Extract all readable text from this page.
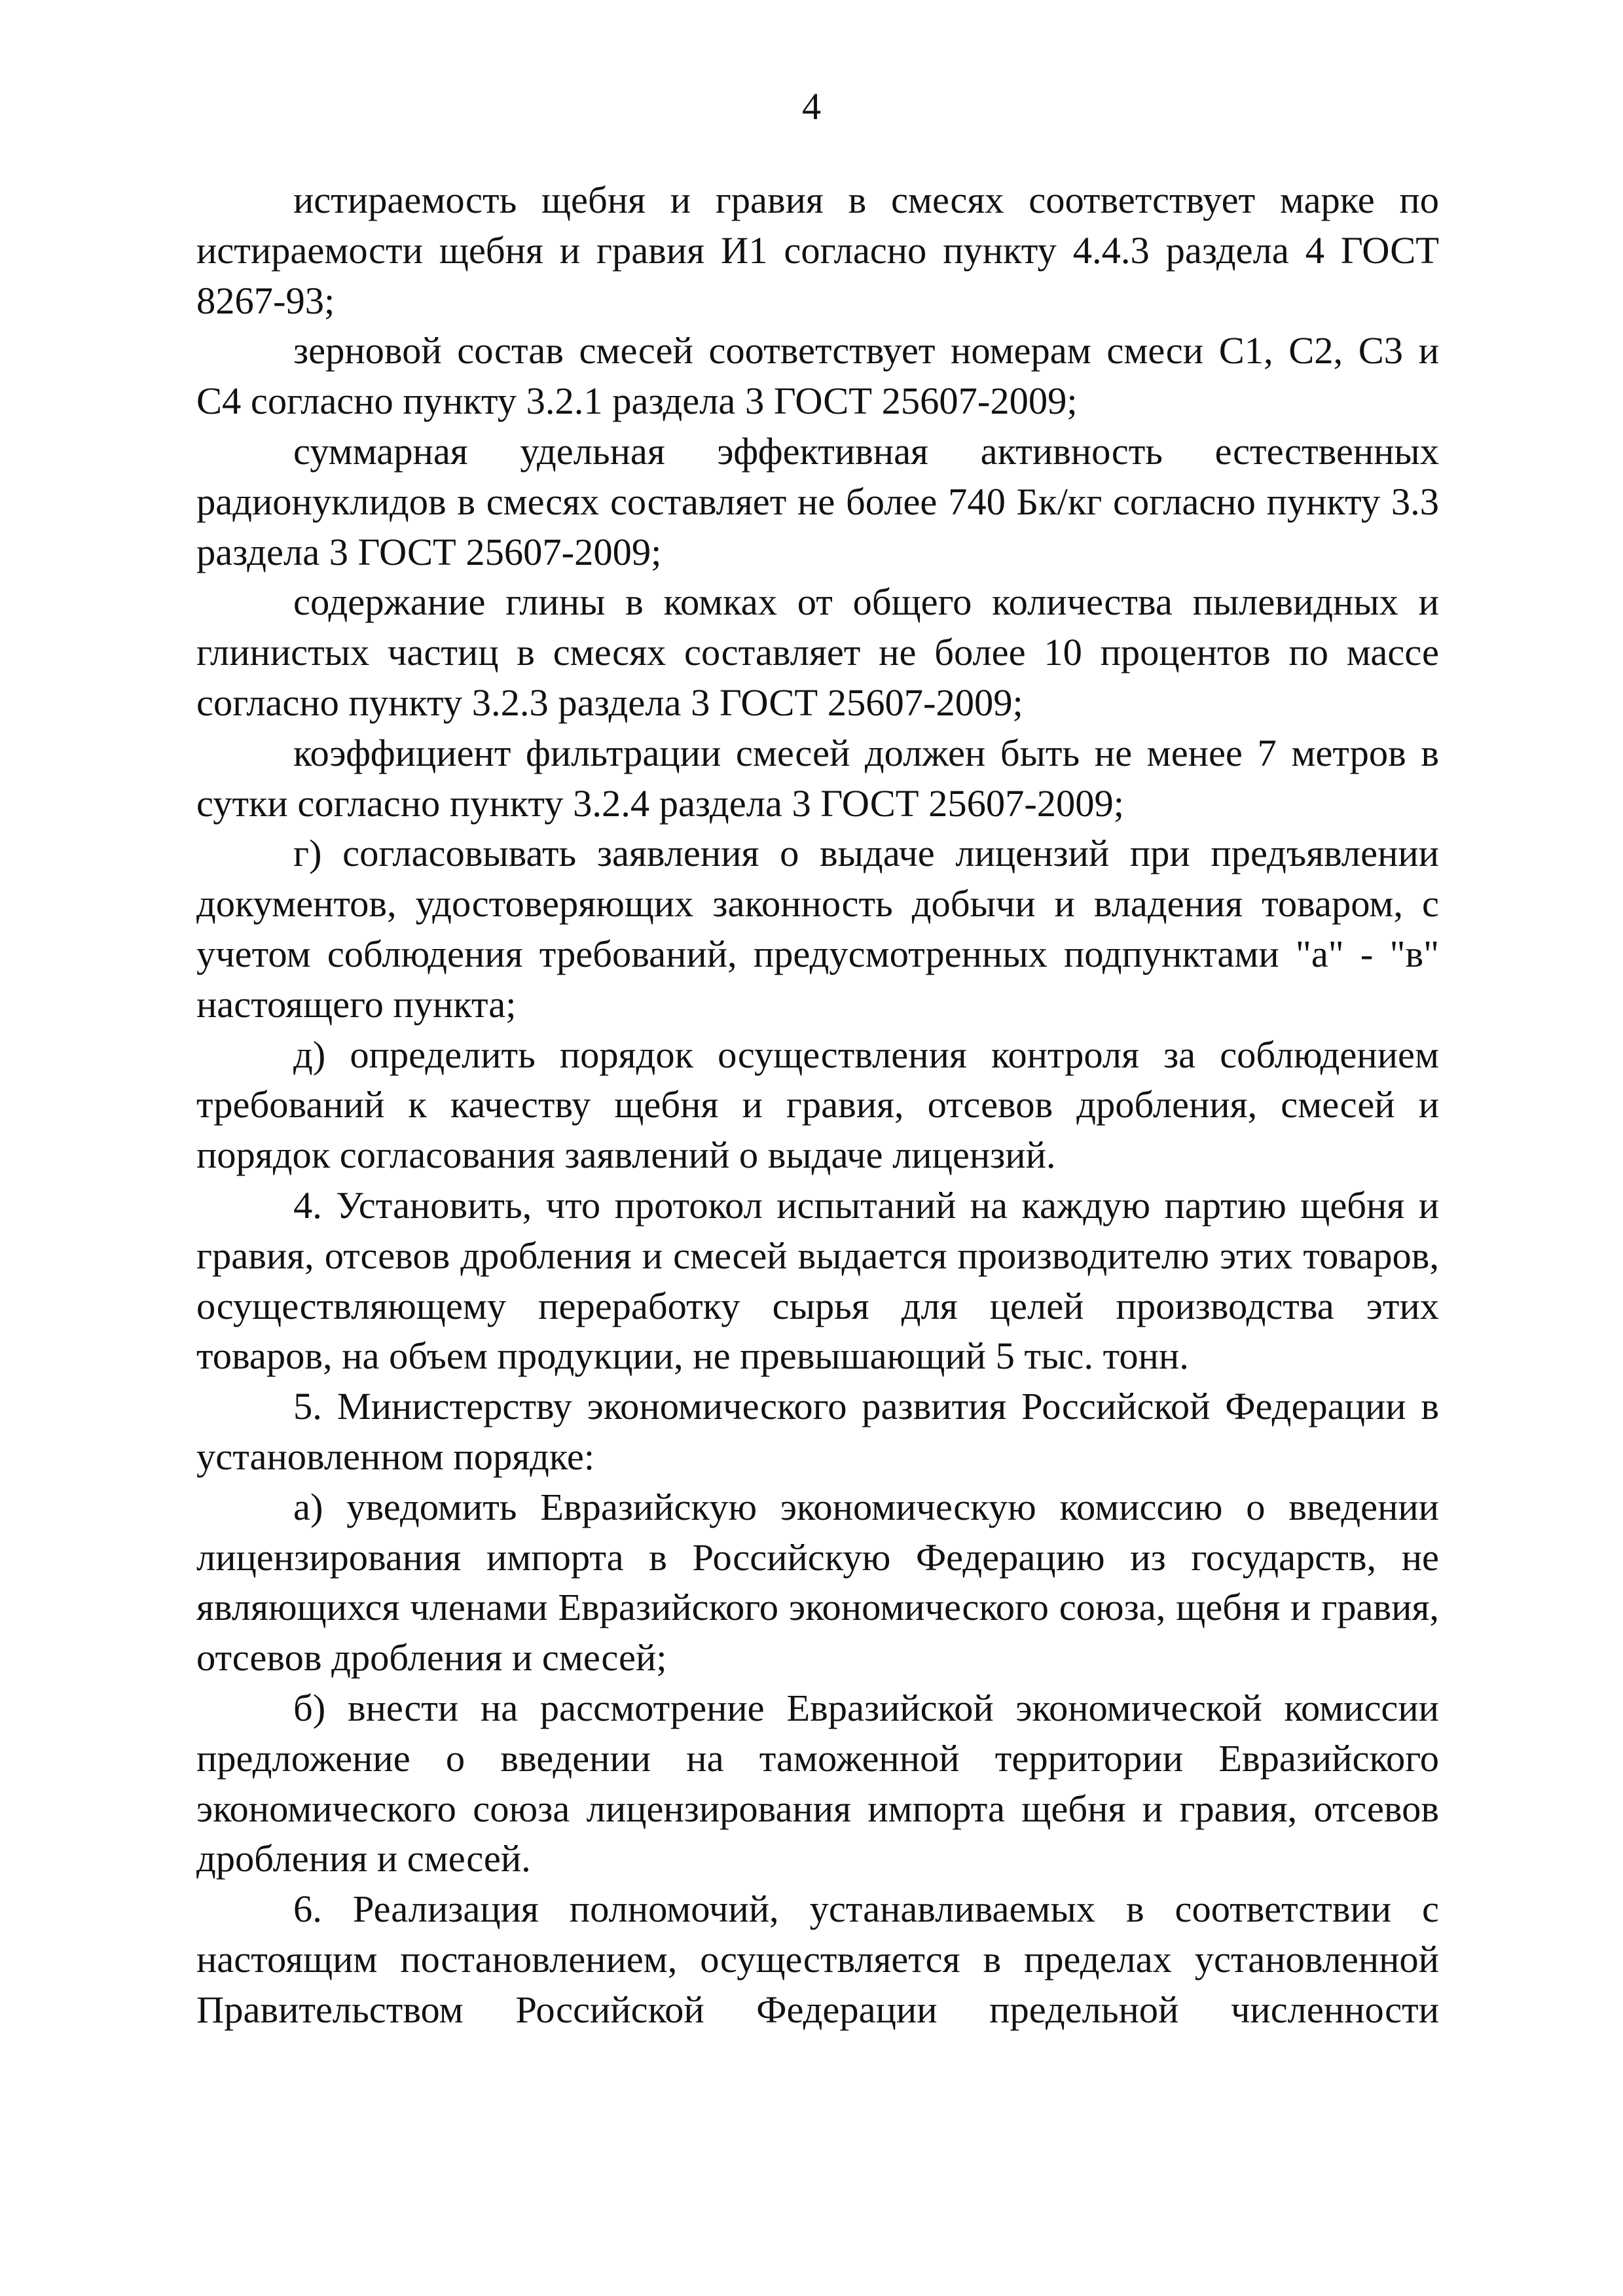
4

истираемость щебня и гравия в смесях соответствует марке по истираемости щебня и гравия И1 согласно пункту 4.4.3 раздела 4 ГОСТ 8267-93;

зерновой состав смесей соответствует номерам смеси С1, С2, С3 и С4 согласно пункту 3.2.1 раздела 3 ГОСТ 25607-2009;

суммарная удельная эффективная активность естественных радионуклидов в смесях составляет не более 740 Бк/кг согласно пункту 3.3 раздела 3 ГОСТ 25607-2009;

содержание глины в комках от общего количества пылевидных и глинистых частиц в смесях составляет не более 10 процентов по массе согласно пункту 3.2.3 раздела 3 ГОСТ 25607-2009;

коэффициент фильтрации смесей должен быть не менее 7 метров в сутки согласно пункту 3.2.4 раздела 3 ГОСТ 25607-2009;

г) согласовывать заявления о выдаче лицензий при предъявлении документов, удостоверяющих законность добычи и владения товаром, с учетом соблюдения требований, предусмотренных подпунктами "а" - "в" настоящего пункта;

д) определить порядок осуществления контроля за соблюдением требований к качеству щебня и гравия, отсевов дробления, смесей и порядок согласования заявлений о выдаче лицензий.

4. Установить, что протокол испытаний на каждую партию щебня и гравия, отсевов дробления и смесей выдается производителю этих товаров, осуществляющему переработку сырья для целей производства этих товаров, на объем продукции, не превышающий 5 тыс. тонн.

5. Министерству экономического развития Российской Федерации в установленном порядке:

а) уведомить Евразийскую экономическую комиссию о введении лицензирования импорта в Российскую Федерацию из государств, не являющихся членами Евразийского экономического союза, щебня и гравия, отсевов дробления и смесей;

б) внести на рассмотрение Евразийской экономической комиссии предложение о введении на таможенной территории Евразийского экономического союза лицензирования импорта щебня и гравия, отсевов дробления и смесей.

6. Реализация полномочий, устанавливаемых в соответствии с настоящим постановлением, осуществляется в пределах установленной Правительством Российской Федерации предельной численности
